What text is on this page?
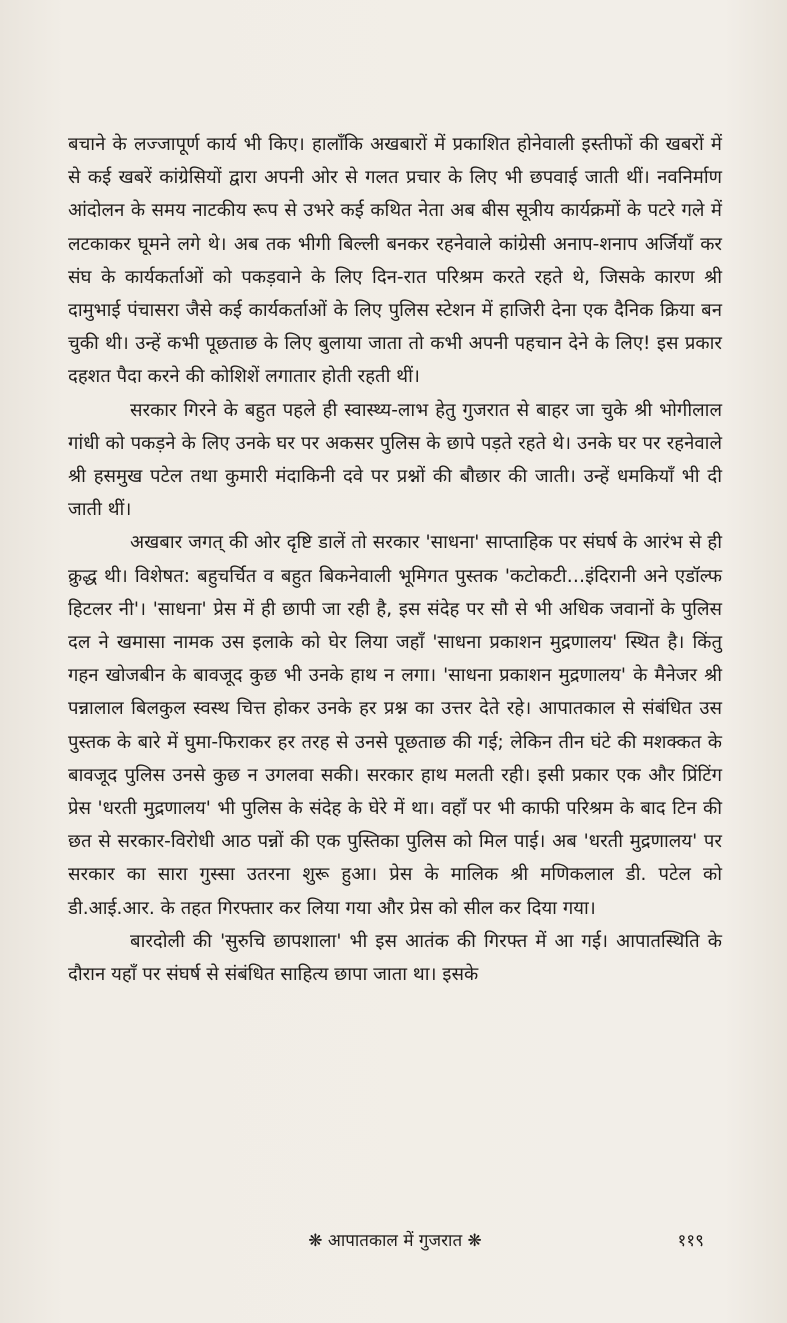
बचाने के लज्जापूर्ण कार्य भी किए। हालाँकि अखबारों में प्रकाशित होनेवाली इस्तीफों की खबरों में से कई खबरें कांग्रेसियों द्वारा अपनी ओर से गलत प्रचार के लिए भी छपवाई जाती थीं। नवनिर्माण आंदोलन के समय नाटकीय रूप से उभरे कई कथित नेता अब बीस सूत्रीय कार्यक्रमों के पटरे गले में लटकाकर घूमने लगे थे। अब तक भीगी बिल्ली बनकर रहनेवाले कांग्रेसी अनाप-शनाप अर्जियाँ कर संघ के कार्यकर्ताओं को पकड़वाने के लिए दिन-रात परिश्रम करते रहते थे, जिसके कारण श्री दामुभाई पंचासरा जैसे कई कार्यकर्ताओं के लिए पुलिस स्टेशन में हाजिरी देना एक दैनिक क्रिया बन चुकी थी। उन्हें कभी पूछताछ के लिए बुलाया जाता तो कभी अपनी पहचान देने के लिए! इस प्रकार दहशत पैदा करने की कोशिशें लगातार होती रहती थीं।

सरकार गिरने के बहुत पहले ही स्वास्थ्य-लाभ हेतु गुजरात से बाहर जा चुके श्री भोगीलाल गांधी को पकड़ने के लिए उनके घर पर अकसर पुलिस के छापे पड़ते रहते थे। उनके घर पर रहनेवाले श्री हसमुख पटेल तथा कुमारी मंदाकिनी दवे पर प्रश्नों की बौछार की जाती। उन्हें धमकियाँ भी दी जाती थीं।

अखबार जगत् की ओर दृष्टि डालें तो सरकार 'साधना' साप्ताहिक पर संघर्ष के आरंभ से ही क्रुद्ध थी। विशेषत: बहुचर्चित व बहुत बिकनेवाली भूमिगत पुस्तक 'कटोकटी…इंदिरानी अने एडॉल्फ हिटलर नी'। 'साधना' प्रेस में ही छापी जा रही है, इस संदेह पर सौ से भी अधिक जवानों के पुलिस दल ने खमासा नामक उस इलाके को घेर लिया जहाँ 'साधना प्रकाशन मुद्रणालय' स्थित है। किंतु गहन खोजबीन के बावजूद कुछ भी उनके हाथ न लगा। 'साधना प्रकाशन मुद्रणालय' के मैनेजर श्री पन्नालाल बिलकुल स्वस्थ चित्त होकर उनके हर प्रश्न का उत्तर देते रहे। आपातकाल से संबंधित उस पुस्तक के बारे में घुमा-फिराकर हर तरह से उनसे पूछताछ की गई; लेकिन तीन घंटे की मशक्कत के बावजूद पुलिस उनसे कुछ न उगलवा सकी। सरकार हाथ मलती रही। इसी प्रकार एक और प्रिंटिंग प्रेस 'धरती मुद्रणालय' भी पुलिस के संदेह के घेरे में था। वहाँ पर भी काफी परिश्रम के बाद टिन की छत से सरकार-विरोधी आठ पन्नों की एक पुस्तिका पुलिस को मिल पाई। अब 'धरती मुद्रणालय' पर सरकार का सारा गुस्सा उतरना शुरू हुआ। प्रेस के मालिक श्री मणिकलाल डी. पटेल को डी.आई.आर. के तहत गिरफ्तार कर लिया गया और प्रेस को सील कर दिया गया।

बारदोली की 'सुरुचि छापशाला' भी इस आतंक की गिरफ्त में आ गई। आपातस्थिति के दौरान यहाँ पर संघर्ष से संबंधित साहित्य छापा जाता था। इसके

❋ आपातकाल में गुजरात ❋	११९
